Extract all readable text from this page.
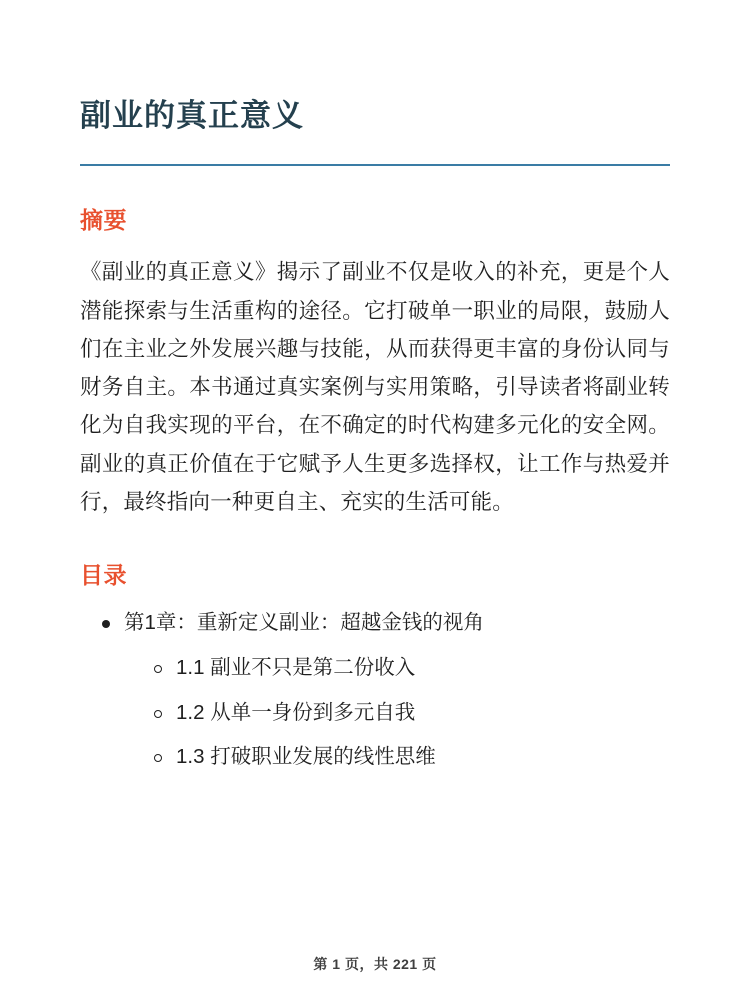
副业的真正意义
摘要

《副业的真正意义》揭示了副业不仅是收入的补充，更是个人潜能探索与生活重构的途径。它打破单一职业的局限，鼓励人们在主业之外发展兴趣与技能，从而获得更丰富的身份认同与财务自主。本书通过真实案例与实用策略，引导读者将副业转化为自我实现的平台，在不确定的时代构建多元化的安全网。副业的真正价值在于它赋予人生更多选择权，让工作与热爱并行，最终指向一种更自主、充实的生活可能。

目录
第1章：重新定义副业：超越金钱的视角
1.1 副业不只是第二份收入
1.2 从单一身份到多元自我
1.3 打破职业发展的线性思维
第 1 页，共 221 页
